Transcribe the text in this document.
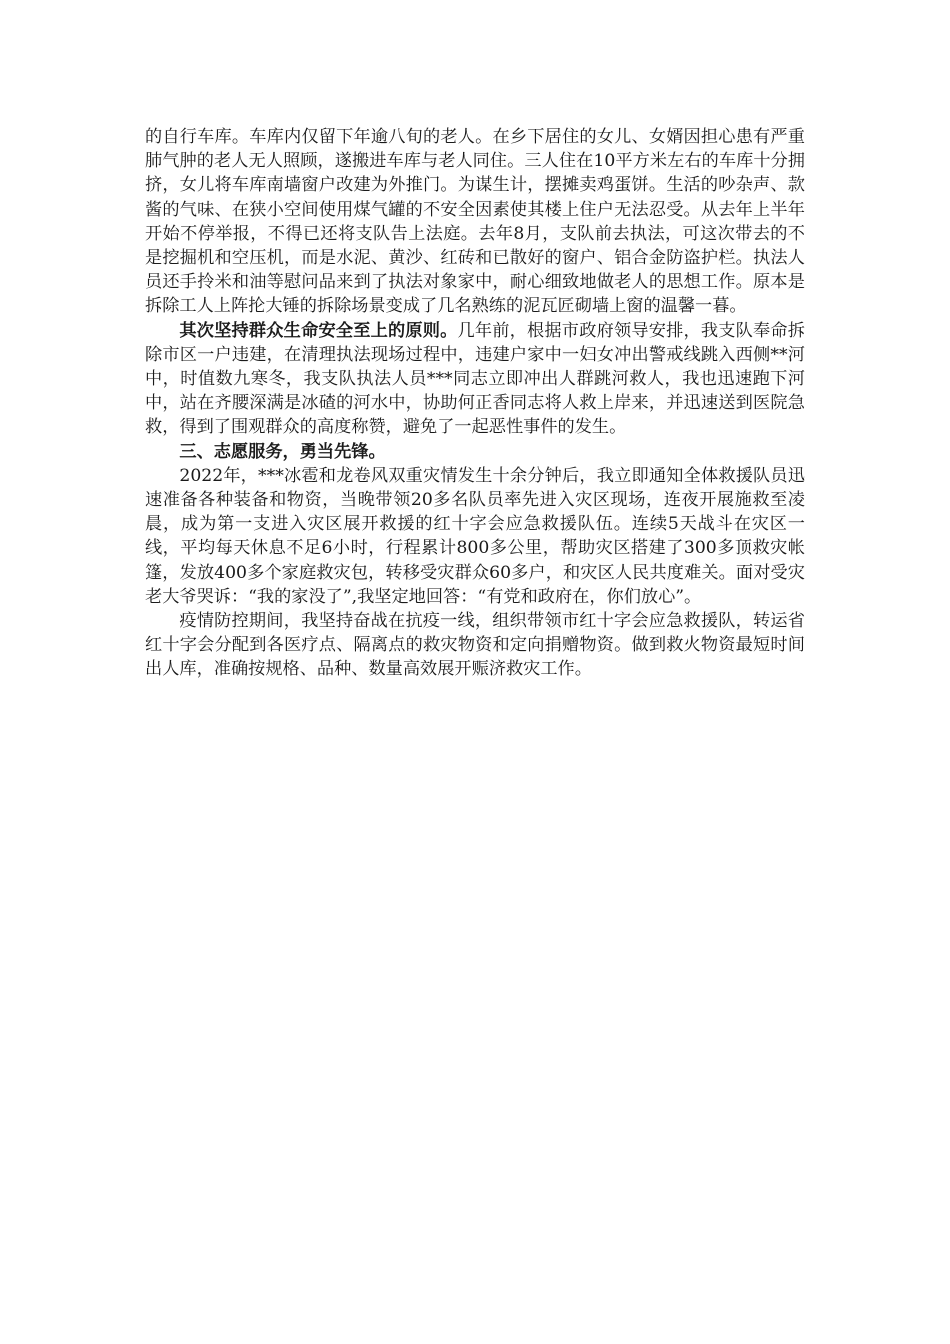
的自行车库。车库内仅留下年逾八旬的老人。在乡下居住的女儿、女婿因担心患有严重肺气肿的老人无人照顾，遂搬进车库与老人同住。三人住在10平方米左右的车库十分拥挤，女儿将车库南墙窗户改建为外推门。为谋生计，摆摊卖鸡蛋饼。生活的吵杂声、款酱的气味、在狭小空间使用煤气罐的不安全因素使其楼上住户无法忍受。从去年上半年开始不停举报，不得已还将支队告上法庭。去年8月，支队前去执法，可这次带去的不是挖掘机和空压机，而是水泥、黄沙、红砖和已散好的窗户、铝合金防盗护栏。执法人员还手拎米和油等慰问品来到了执法对象家中，耐心细致地做老人的思想工作。原本是拆除工人上阵抡大锤的拆除场景变成了几名熟练的泥瓦匠砌墙上窗的温馨一暮。

其次坚持群众生命安全至上的原则。几年前，根据市政府领导安排，我支队奉命拆除市区一户违建，在清理执法现场过程中，违建户家中一妇女冲出警戒线跳入西侧**河中，时值数九寒冬，我支队执法人员***同志立即冲出人群跳河救人，我也迅速跑下河中，站在齐腰深满是冰碴的河水中，协助何正香同志将人救上岸来，并迅速送到医院急救，得到了围观群众的高度称赞，避免了一起恶性事件的发生。

三、志愿服务，勇当先锋。

2022年，***冰雹和龙卷风双重灾情发生十余分钟后，我立即通知全体救援队员迅速准备各种装备和物资，当晚带领20多名队员率先进入灾区现场，连夜开展施救至凌晨，成为第一支进入灾区展开救援的红十字会应急救援队伍。连续5天战斗在灾区一线，平均每天休息不足6小时，行程累计800多公里，帮助灾区搭建了300多顶救灾帐篷，发放400多个家庭救灾包，转移受灾群众60多户，和灾区人民共度难关。面对受灾老大爷哭诉：“我的家没了”,我坚定地回答：“有党和政府在，你们放心”。

疫情防控期间，我坚持奋战在抗疫一线，组织带领市红十字会应急救援队，转运省红十字会分配到各医疗点、隔离点的救灾物资和定向捐赠物资。做到救火物资最短时间出人库，准确按规格、品种、数量高效展开赈济救灾工作。
